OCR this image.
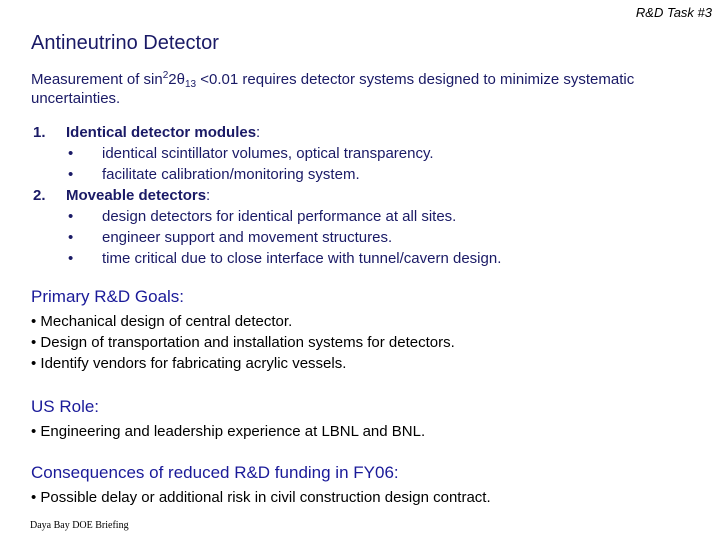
R&D Task #3
Antineutrino Detector
Measurement of $\sin^22\theta_{13} <0.01$ requires detector systems designed to minimize systematic uncertainties.
1. Identical detector modules:
• identical scintillator volumes, optical transparency.
• facilitate calibration/monitoring system.
2. Moveable detectors:
• design detectors for identical performance at all sites.
• engineer support and movement structures.
• time critical due to close interface with tunnel/cavern design.
Primary R&D Goals:
• Mechanical design of central detector.
• Design of transportation and installation systems for detectors.
• Identify vendors for fabricating acrylic vessels.
US Role:
• Engineering and leadership experience at LBNL and BNL.
Consequences of reduced R&D funding in FY06:
• Possible delay or additional risk in civil construction design contract.
Daya Bay DOE Briefing
